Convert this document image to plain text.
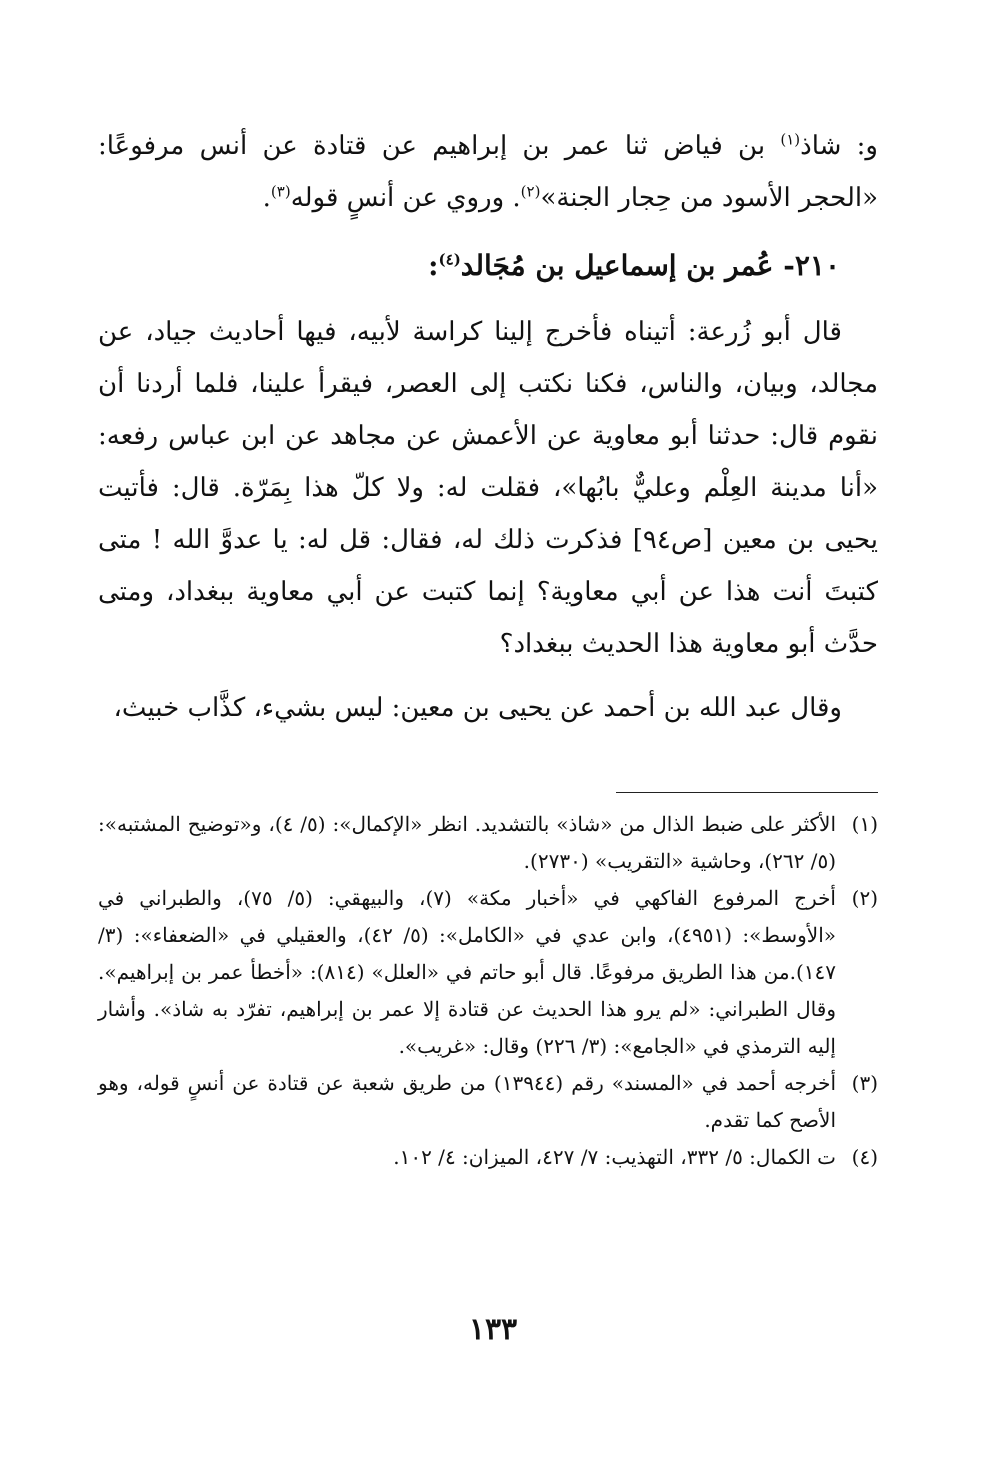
و: شاذ$^{(١)}$ بن فياض ثنا عمر بن إبراهيم عن قتادة عن أنس مرفوعًا: «الحجر الأسود من حِجار الجنة»$^{(٢)}$. وروي عن أنسٍ قوله$^{(٣)}$.

٢١٠- عُمر بن إسماعيل بن مُجَالد$^{(٤)}$:

قال أبو زُرعة: أتيناه فأخرج إلينا كراسة لأبيه، فيها أحاديث جياد، عن مجالد، وبيان، والناس، فكنا نكتب إلى العصر، فيقرأ علينا، فلما أردنا أن نقوم قال: حدثنا أبو معاوية عن الأعمش عن مجاهد عن ابن عباس رفعه: «أنا مدينة العِلْم وعليٌّ بابُها»، فقلت له: ولا كلّ هذا بِمَرّة. قال: فأتيت يحيى بن معين [ص٩٤] فذكرت ذلك له، فقال: قل له: يا عدوَّ الله ! متى كتبتَ أنت هذا عن أبي معاوية؟ إنما كتبت عن أبي معاوية ببغداد، ومتى حدَّث أبو معاوية هذا الحديث ببغداد؟

وقال عبد الله بن أحمد عن يحيى بن معين: ليس بشيء، كذَّاب خبيث،

(١)
الأكثر على ضبط الذال من «شاذ» بالتشديد. انظر «الإكمال»: (٥/ ٤)، و«توضيح المشتبه»: (٥/ ٢٦٢)، وحاشية «التقريب» (٢٧٣٠).
(٢)
أخرج المرفوع الفاكهي في «أخبار مكة» (٧)، والبيهقي: (٥/ ٧٥)، والطبراني في «الأوسط»: (٤٩٥١)، وابن عدي في «الكامل»: (٥/ ٤٢)، والعقيلي في «الضعفاء»: (٣/ ١٤٧).من هذا الطريق مرفوعًا. قال أبو حاتم في «العلل» (٨١٤): «أخطأ عمر بن إبراهيم». وقال الطبراني: «لم يرو هذا الحديث عن قتادة إلا عمر بن إبراهيم، تفرّد به شاذ». وأشار إليه الترمذي في «الجامع»: (٣/ ٢٢٦) وقال: «غريب».
(٣)
أخرجه أحمد في «المسند» رقم (١٣٩٤٤) من طريق شعبة عن قتادة عن أنسٍ قوله، وهو الأصح كما تقدم.
(٤)
ت الكمال: ٥/ ٣٣٢، التهذيب: ٧/ ٤٢٧، الميزان: ٤/ ١٠٢.
١٣٣
